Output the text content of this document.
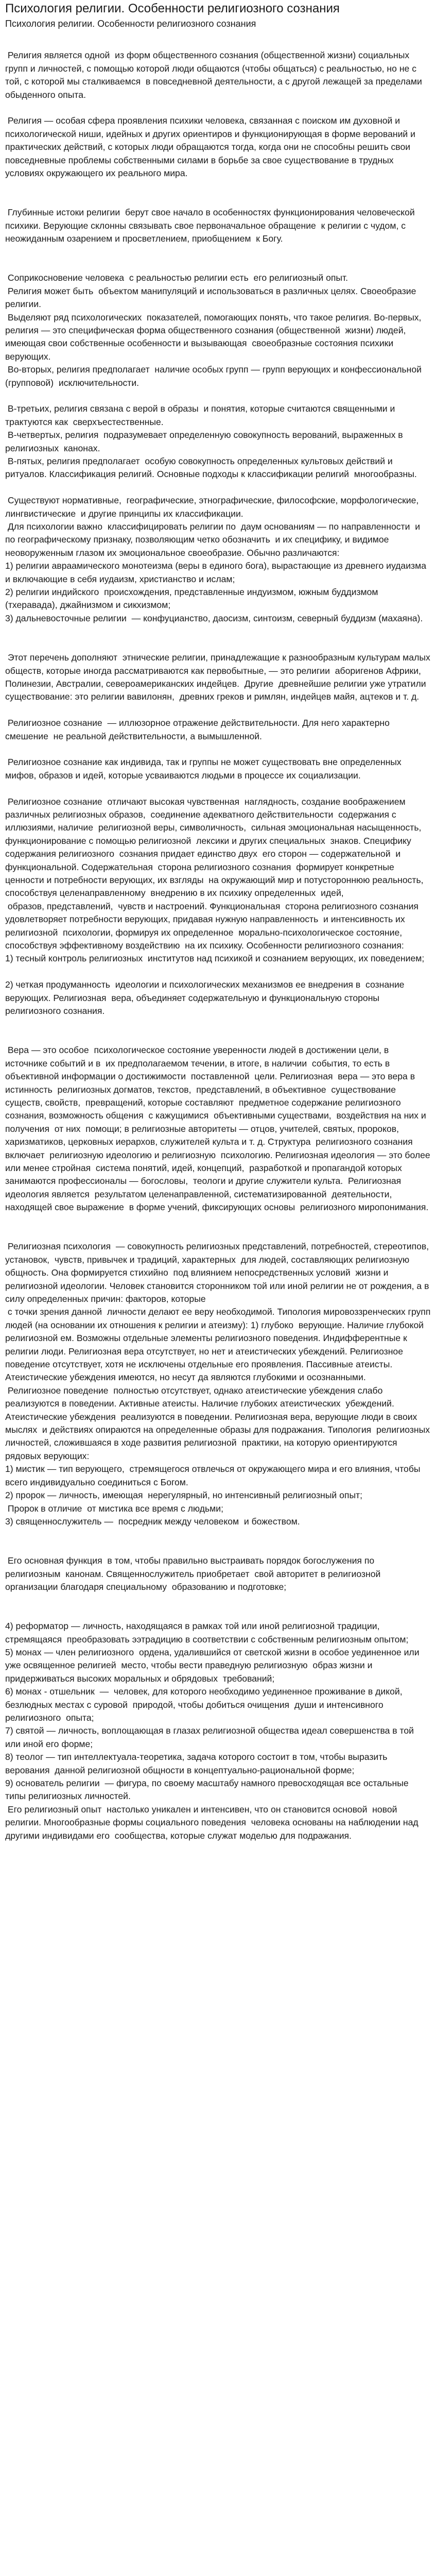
Психология религии. Особенности религиозного сознания
Психология религии. Особенности религиозного сознания

Религия является одной  из форм общественного сознания (общественной жизни) социальных  групп и личностей, с помощью которой люди общаются (чтобы общаться) с реальностью, но не с той, с которой мы сталкиваемся  в повседневной деятельности, а с другой лежащей за пределами  обыденного опыта.

Религия — особая сфера проявления психики человека, связанная с поиском им духовной и психологической ниши, идейных и других ориентиров и функционирующая в форме верований и практических действий, с которых люди обращаются тогда, когда они не способны решить свои повседневные проблемы собственными силами в борьбе за свое существование в трудных условиях окружающего их реального мира.

Глубинные истоки религии  берут свое начало в особенностях функционирования человеческой  психики. Верующие склонны связывать свое первоначальное обращение  к религии с чудом, с неожиданным озарением и просветлением, приобщением  к Богу.

Соприкосновение человека  с реальностью религии есть  его религиозный опыт.

Религия может быть  объектом манипуляций и использоваться в различных целях. Своеобразие  религии.

Выделяют ряд психологических  показателей, помогающих понять, что такое религия. Во-первых, религия — это специфическая форма общественного сознания (общественной  жизни) людей, имеющая свои собственные особенности и вызывающая  своеобразные состояния психики верующих.

Во-вторых, религия предполагает  наличие особых групп — групп верующих и конфессиональной (групповой)  исключительности.

В-третьих, религия связана с верой в образы  и понятия, которые считаются священными и трактуются как  сверхъестественные.

В-четвертых, религия  подразумевает определенную совокупность верований, выраженных в религиозных  канонах.

В-пятых, религия предполагает  особую совокупность определенных культовых действий и ритуалов. Классификация религий. Основные подходы к классификации религий  многообразны.

Существуют нормативные,  географические, этнографические, философские, морфологические, лингвистические  и другие принципы их классификации.

Для психологии важно  классифицировать религии по  даум основаниям — по направленности  и по географическому признаку, позволяющим четко обозначить  и их специфику, и видимое неоворуженным глазом их эмоциональное своеобразие. Обычно различаются:

1) религии авраамического монотеизма (веры в единого бога), вырастающие из древнего иудаизма и включающие в себя иудаизм, христианство и ислам;

2) религии индийского  происхождения, представленные индуизмом, южным буддизмом (тхеравада), джайнизмом и сикхизмом;

3) дальневосточные религии  — конфуцианство, даосизм, синтоизм, северный буддизм (махаяна).

Этот перечень дополняют  этнические религии, принадлежащие к разнообразным культурам малых  обществ, которые иногда рассматриваются как первобытные, — это религии  аборигенов Африки, Полинезии, Австралии, североамериканских индейцев.  Другие  древнейшие религии уже утратили существование: это религии вавилонян,  древних греков и римлян, индейцев майя, ацтеков и т. д.

Религиозное сознание  — иллюзорное отражение действительности. Для него характерно смешение  не реальной действительности, а вымышленной.

Религиозное сознание как индивида, так и группы не может существовать вне определенных мифов, образов и идей, которые усваиваются людьми в процессе их социализации.

Религиозное сознание  отличают высокая чувственная  наглядность, создание воображением  различных религиозных образов,  соединение адекватного действительности  содержания с иллюзиями, наличие  религиозной веры, символичность,  сильная эмоциональная насыщенность, функционирование с помощью религиозной  лексики и других специальных  знаков. Специфику содержания религиозного  сознания придает единство двух  его сторон — содержательной  и функциональной. Содержательная  сторона религиозного сознания  формирует конкретные ценности и потребности верующих, их взгляды  на окружающий мир и потустороннюю реальность, способствуя целенаправленному  внедрению в их психику определенных  идей,

образов, представлений,  чувств и настроений. Функциональная  сторона религиозного сознания  удовлетворяет потребности верующих, придавая нужную направленность  и интенсивность их религиозной  психологии, формируя их определенное  морально-психологическое состояние, способствуя эффективному воздействию  на их психику. Особенности религиозного сознания:

1) тесный контроль религиозных  институтов над психикой и сознанием верующих, их поведением;

2) четкая продуманность  идеологии и психологических механизмов ее внедрения в  сознание верующих. Религиозная  вера, объединяет содержательную и функциональную стороны религиозного сознания.

Вера — это особое  психологическое состояние уверенности людей в достижении цели, в  источнике событий и в  их предполагаемом течении, в итоге, в наличии  события, то есть в  объективной информации о достижимости  поставленной  цели. Религиозная  вера — это вера в истинность  религиозных догматов, текстов,  представлений, в объективное  существование существ, свойств,  превращений, которые составляют  предметное содержание религиозного  сознания, возможность общения  с кажущимися  объективными существами,  воздействия на них и получения  от них  помощи; в религиозные авторитеты — отцов, учителей, святых, пророков,  харизматиков, церковных иерархов, служителей культа и т. д. Структура  религиозного сознания включает  религиозную идеологию и религиозную  психологию. Религиозная идеология — это более или менее стройная  система понятий, идей, концепций,  разработкой и пропагандой которых  занимаются профессионалы — богословы,  теологи и другие служители культа.  Религиозная идеология является  результатом целенаправленной, систематизированной  деятельности, находящей свое выражение  в форме учений, фиксирующих основы  религиозного миропонимания.

Религиозная психология  — совокупность религиозных представлений, потребностей, стереотипов, установок,  чувств, привычек и традиций, характерных  для людей, составляющих религиозную  общность. Она формируется стихийно  под влиянием непосредственных условий  жизни и религиозной идеологии. Человек становится сторонником той или иной религии не от рождения, а в силу определенных причин: факторов, которые

с точки зрения данной  личности делают ее веру необходимой. Типология мировоззренческих групп  людей (на основании их отношения к религии и атеизму): 1) глубоко  верующие. Наличие глубокой религиозной ем. Возможны отдельные элементы религиозного поведения. Индифферентные к религии люди. Религиозная вера отсутствует, но нет и атеистических убеждений. Религиозное поведение отсутствует, хотя не исключены отдельные его проявления. Пассивные атеисты. Атеистические убеждения имеются, но несут да являются глубокими и осознанными.

Религиозное поведение  полностью отсутствует, однако атеистические убеждения слабо  реализуются в поведении. Активные атеисты. Наличие глубоких атеистических  убеждений. Атеистические убеждения  реализуются в поведении. Религиозная вера, верующие люди в своих мыслях  и действиях опираются на определенные образы для подражания. Типология  религиозных личностей, сложившаяся в ходе развития религиозной  практики, на которую ориентируются  рядовых верующих:

1) мистик — тип верующего,  стремящегося отвлечься от окружающего мира и его влияния, чтобы  всего индивидуально соединиться с Богом.

2) пророк — личность, имеющая  нерегулярный, но интенсивный религиозный опыт;

Пророк в отличие  от мистика все время с людьми;

3) священнослужитель —  посредник между человеком  и божеством.

Его основная функция  в том, чтобы правильно выстраивать порядок богослужения по религиозным  канонам. Священнослужитель приобретает  свой авторитет в религиозной  организации благодаря специальному  образованию и подготовке;

4) реформатор — личность, находящаяся в рамках той или иной религиозной традиции, стремящаяся  преобразовать ээтрадицию в соответствии с собственным религиозным опытом;

5) монах — член религиозного  ордена, удалившийся от светской жизни в особое уединенное или уже освященное религией  место, чтобы вести праведную религиозную  образ жизни и придерживаться высоких моральных и обрядовых  требований;

6) монах - отшельник  —  человек, для которого необходимо уединенное проживание в дикой,  безлюдных местах с суровой  природой, чтобы добиться очищения  души и интенсивного религиозного  опыта;

7) святой — личность, воплощающая в глазах религиозной общества идеал совершенства в той или иной его форме;

8) теолог — тип интеллектуала-теоретика, задача которого состоит в том, чтобы выразить верования  данной религиозной общности в концептуально-рациональной форме;

9) основатель религии  — фигура, по своему масштабу намного превосходящая все остальные  типы религиозных личностей.

Его религиозный опыт  настолько уникален и интенсивен, что он становится основой  новой религии. Многообразные формы социального поведения  человека основаны на наблюдении над другими индивидами его  сообщества, которые служат моделью для подражания.
